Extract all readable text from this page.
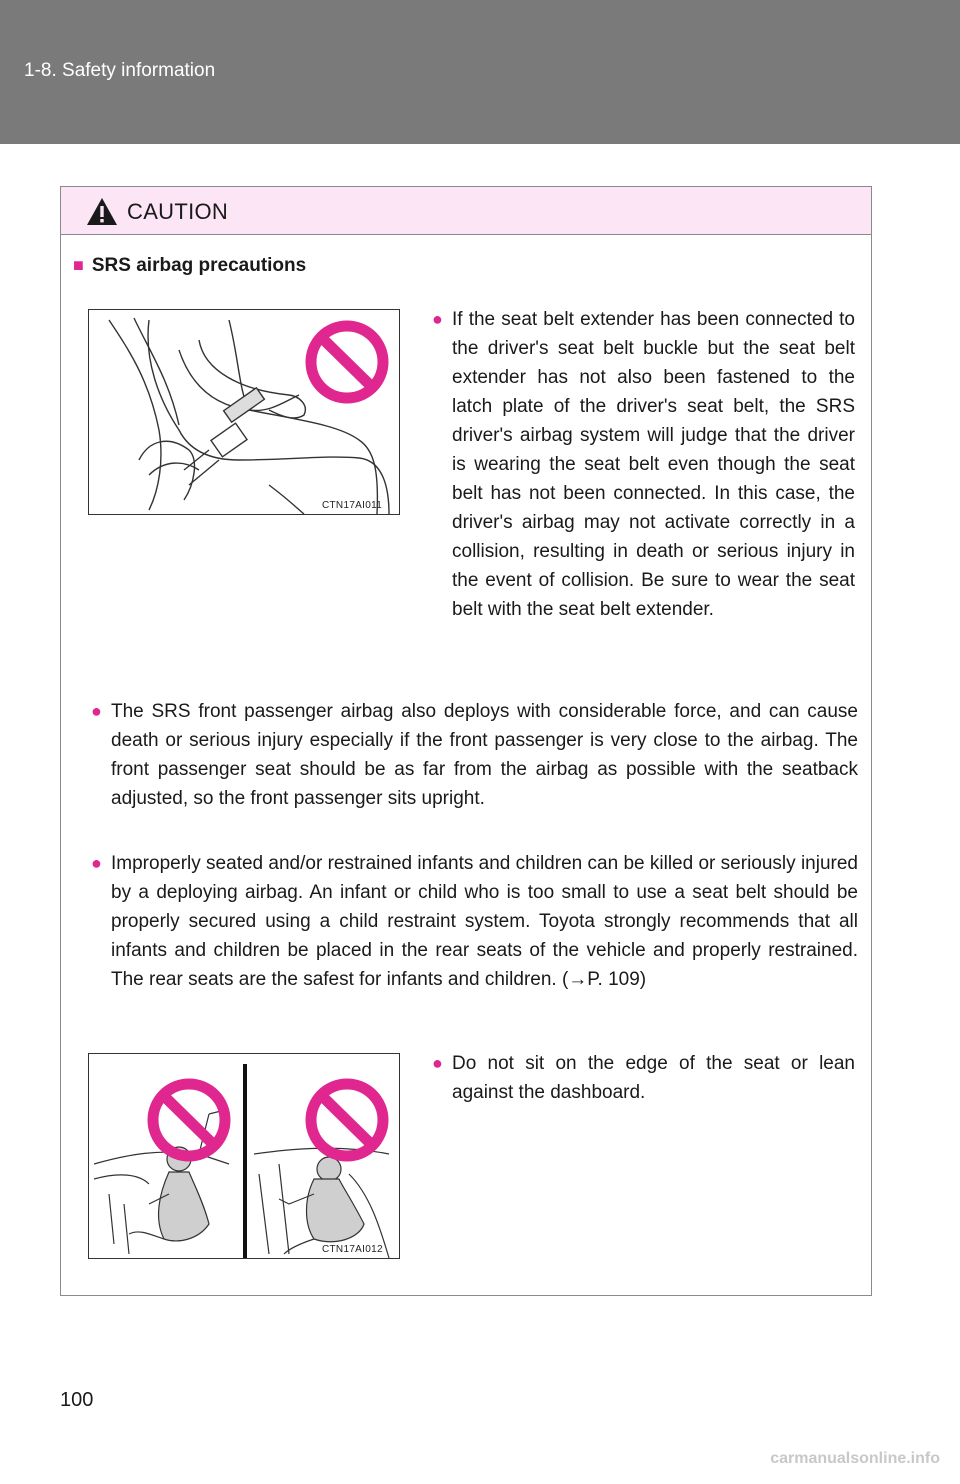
1-8. Safety information
CAUTION
■ SRS airbag precautions
CTN17AI011
● If the seat belt extender has been connected to the driver's seat belt buckle but the seat belt extender has not also been fastened to the latch plate of the driver's seat belt, the SRS driver's airbag system will judge that the driver is wearing the seat belt even though the seat belt has not been connected. In this case, the driver's airbag may not activate correctly in a collision, resulting in death or serious injury in the event of collision. Be sure to wear the seat belt with the seat belt extender.
● The SRS front passenger airbag also deploys with considerable force, and can cause death or serious injury especially if the front passenger is very close to the airbag. The front passenger seat should be as far from the airbag as possible with the seatback adjusted, so the front passenger sits upright.
● Improperly seated and/or restrained infants and children can be killed or seriously injured by a deploying airbag. An infant or child who is too small to use a seat belt should be properly secured using a child restraint system. Toyota strongly recommends that all infants and children be placed in the rear seats of the vehicle and properly restrained. The rear seats are the safest for infants and children. (→P. 109)
CTN17AI012
● Do not sit on the edge of the seat or lean against the dashboard.
100
carmanualsonline.info
